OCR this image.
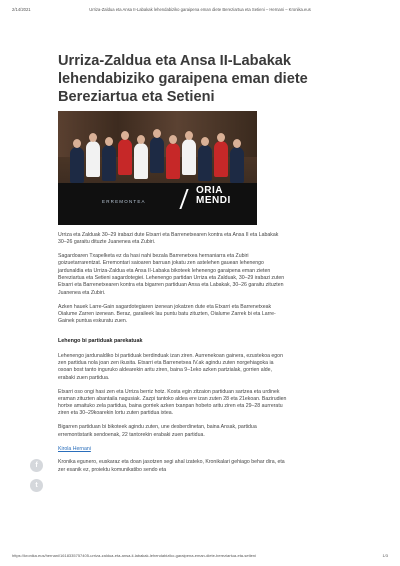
2/14/2021	Urriza-Zaldua eta Ansa II-Labakak lehendabiziko garaipena eman diete Bereziartua eta Setieni – Hernani – Kronika.eus
Urriza-Zaldua eta Ansa II-Labakak lehendabiziko garaipena eman diete Bereziartua eta Setieni
ERREMONTEA
ORIA
MENDI

Urriza eta Zalduak 30–29 irabazi dute Etxarri eta Barrenetxearen kontra eta Ansa II eta Labakak 30–26 garaitu dituzte Juanenea eta Zubiri.

Sagardoaren Txapelketa ez da hasi nahi bezala Barrenetxea hernaniarra eta Zubiri goizuetarrarentzat. Erremontari saioaren barruan jokatu zen astelehen gauean lehenengo jardunaldia eta Urriza-Zaldua eta Ansa II-Labaka bikoteek lehenengo garaipena eman zieten Bereziartua eta Setieni sagardotegiei. Lehenengo partidan Urriza eta Zalduak, 30–29 irabazi zuten Etxarri eta Barrenetxearen kontra eta bigarren partiduan Ansa eta Labakak, 30–26 garaitu zituzten Juanenea eta Zubiri.

Azken hauek Larre-Gain sagardotegiaren izenean jokatzen dute eta Etxarri eta Barrenetxeak Oialume Zarren izenean. Beraz, garaileek lau puntu batu zituzten, Oialume Zarrek bi eta Larre-Gainek puntua eskuratu zuen.

Lehengo bi partiduak parekatuak

Lehenengo jardunaldiko bi partiduak berdinduak izan ziren. Aurrenekoan gainera, ezustekoa egon zen partidua nola joan zen ikusita. Etxarri eta Barrenetxea IV.ak agindu zuten norgehiagoka ia osoan bost tanto inguruko aldearekin aritu ziren, baina 9–1eko azken partzialak, gorrien alde, erabaki zuen partidua.

Etxarri oso ongi hasi zen eta Urriza berriz hotz. Kosta egin zitzaion partiduan sartzea eta urdinek eraman zituzten abantaila nagusiak. Zazpi tantoko aldea ere izan zuten 28 eta 21ekoan. Bazirudien hortxe amaituko zela partidua, baina gorriek azken txanpan hobeto aritu ziren eta 29–28 aurreratu ziren eta 30–29koarekin lortu zuten partidua ixtea.

Bigarren partiduan bi bikoteek agindu zuten, une desberdinetan, baina Ansak, partidua erremontistarik sendoenak, 22 tantorekin erabaki zuen partidua.

Kirola Hernani

Kronika egunero, euskaraz eta doan jasotzen segi ahal izateko, Kronikalari gehiago behar dira, eta zer esanik ez, proiektu komunikatibo sendo eta

f
t
https://kronika.eus/hernani/1618335757405-urriza-zaldua-eta-ansa-ii-labakak-lehendabiziko-garaipena-eman-diete-bereziartua-eta-setieni	1/3
